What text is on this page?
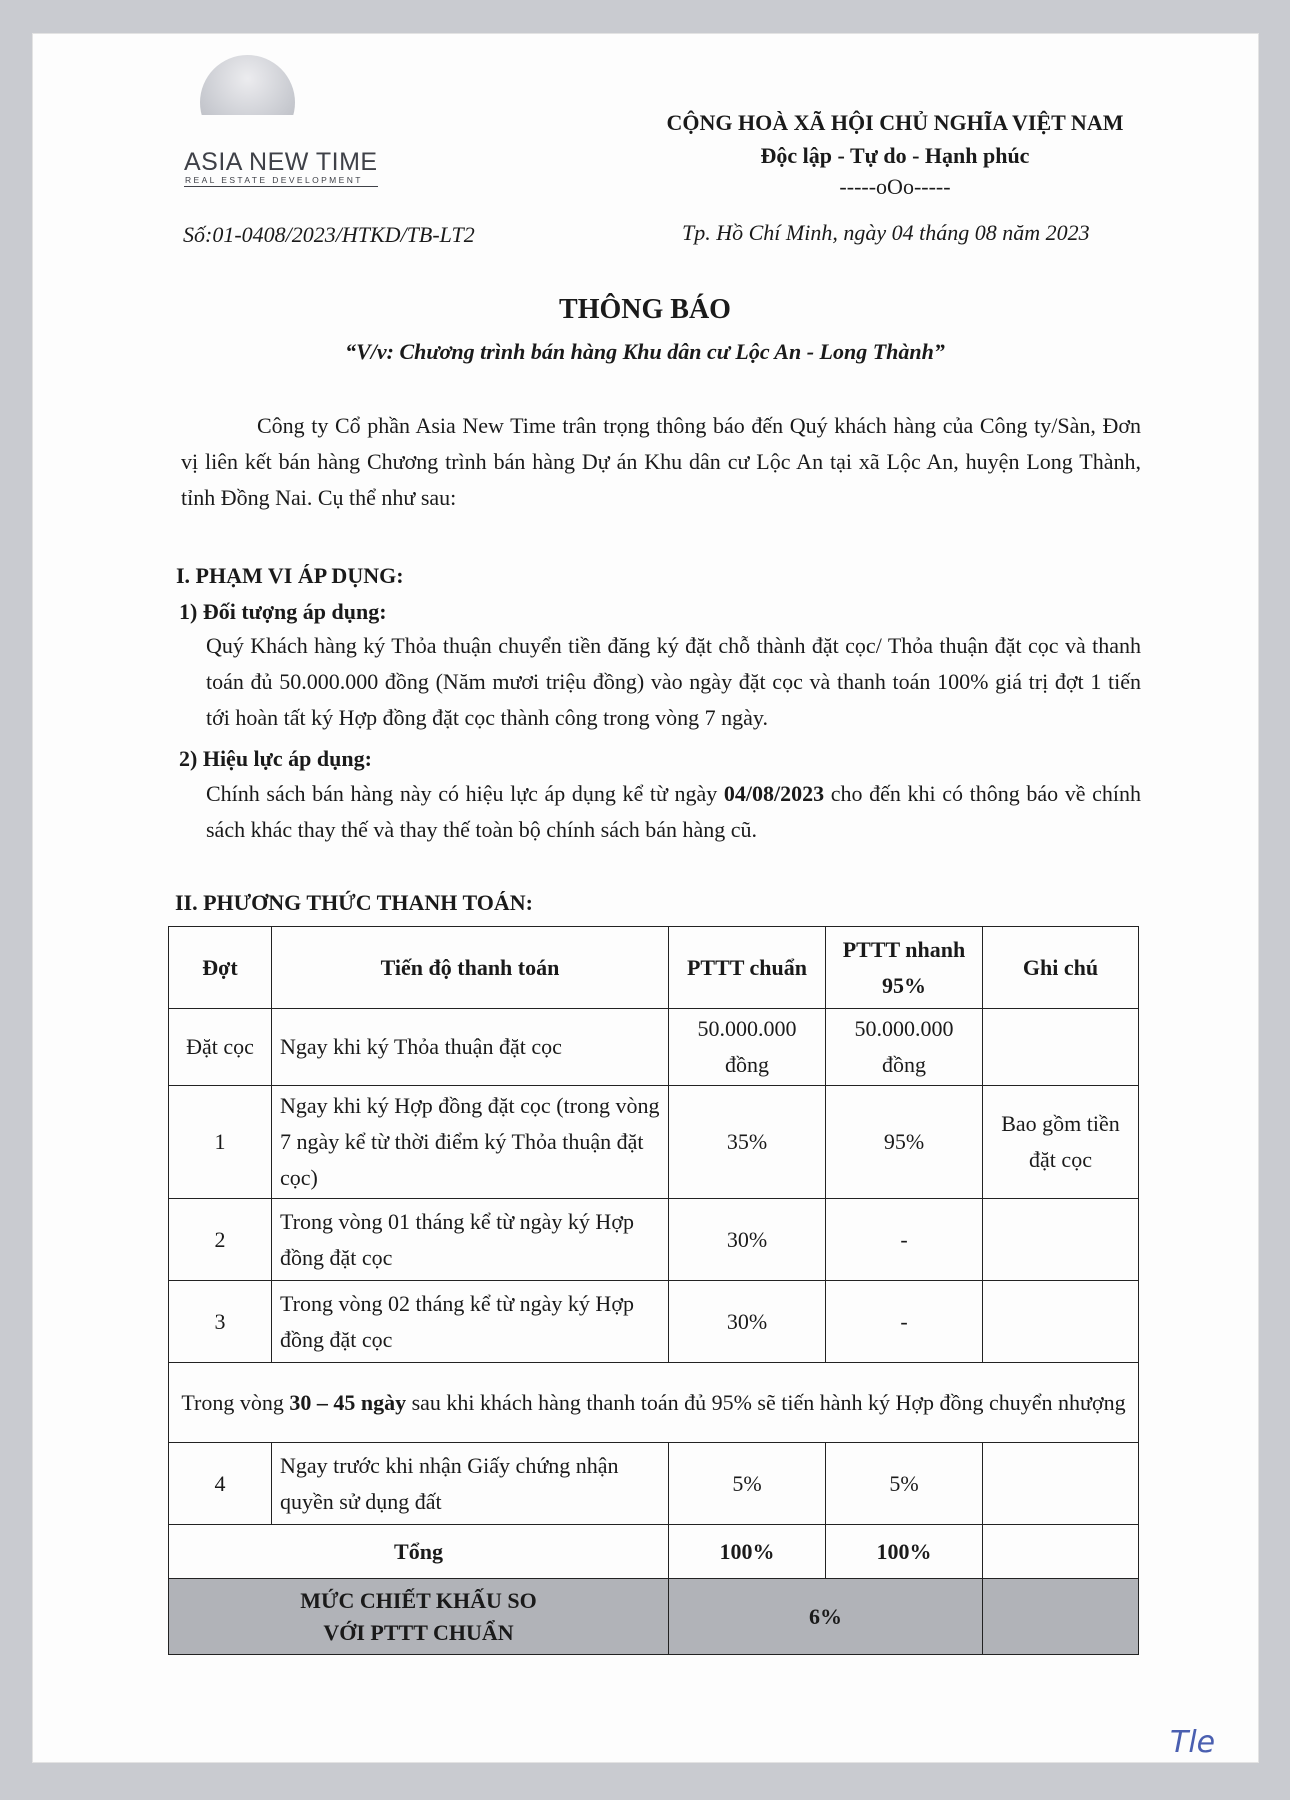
ASIA NEW TIME
REAL ESTATE DEVELOPMENT
CỘNG HOÀ XÃ HỘI CHỦ NGHĨA VIỆT NAM
Độc lập - Tự do - Hạnh phúc
-----oOo-----
Số:01-0408/2023/HTKD/TB-LT2	Tp. Hồ Chí Minh, ngày 04 tháng 08 năm 2023
THÔNG BÁO
“V/v: Chương trình bán hàng Khu dân cư Lộc An - Long Thành”
Công ty Cổ phần Asia New Time trân trọng thông báo đến Quý khách hàng của Công ty/Sàn, Đơn vị liên kết bán hàng Chương trình bán hàng Dự án Khu dân cư Lộc An tại xã Lộc An, huyện Long Thành, tỉnh Đồng Nai. Cụ thể như sau:
I. PHẠM VI ÁP DỤNG:
1) Đối tượng áp dụng:
Quý Khách hàng ký Thỏa thuận chuyển tiền đăng ký đặt chỗ thành đặt cọc/ Thỏa thuận đặt cọc và thanh toán đủ 50.000.000 đồng (Năm mươi triệu đồng) vào ngày đặt cọc và thanh toán 100% giá trị đợt 1 tiến tới hoàn tất ký Hợp đồng đặt cọc thành công trong vòng 7 ngày.
2) Hiệu lực áp dụng:
Chính sách bán hàng này có hiệu lực áp dụng kể từ ngày 04/08/2023 cho đến khi có thông báo về chính sách khác thay thế và thay thế toàn bộ chính sách bán hàng cũ.
II. PHƯƠNG THỨC THANH TOÁN:
Đợt	Tiến độ thanh toán	PTTT chuẩn	PTTT nhanh 95%	Ghi chú
Đặt cọc	Ngay khi ký Thỏa thuận đặt cọc	50.000.000 đồng	50.000.000 đồng	
1	Ngay khi ký Hợp đồng đặt cọc (trong vòng 7 ngày kể từ thời điểm ký Thỏa thuận đặt cọc)	35%	95%	Bao gồm tiền đặt cọc
2	Trong vòng 01 tháng kể từ ngày ký Hợp đồng đặt cọc	30%	-	
3	Trong vòng 02 tháng kể từ ngày ký Hợp đồng đặt cọc	30%	-	
Trong vòng 30 – 45 ngày sau khi khách hàng thanh toán đủ 95% sẽ tiến hành ký Hợp đồng chuyển nhượng				
4	Ngay trước khi nhận Giấy chứng nhận quyền sử dụng đất	5%	5%	
Tổng		100%	100%	
MỨC CHIẾT KHẤU SO VỚI PTTT CHUẨN		6%		
Tle
